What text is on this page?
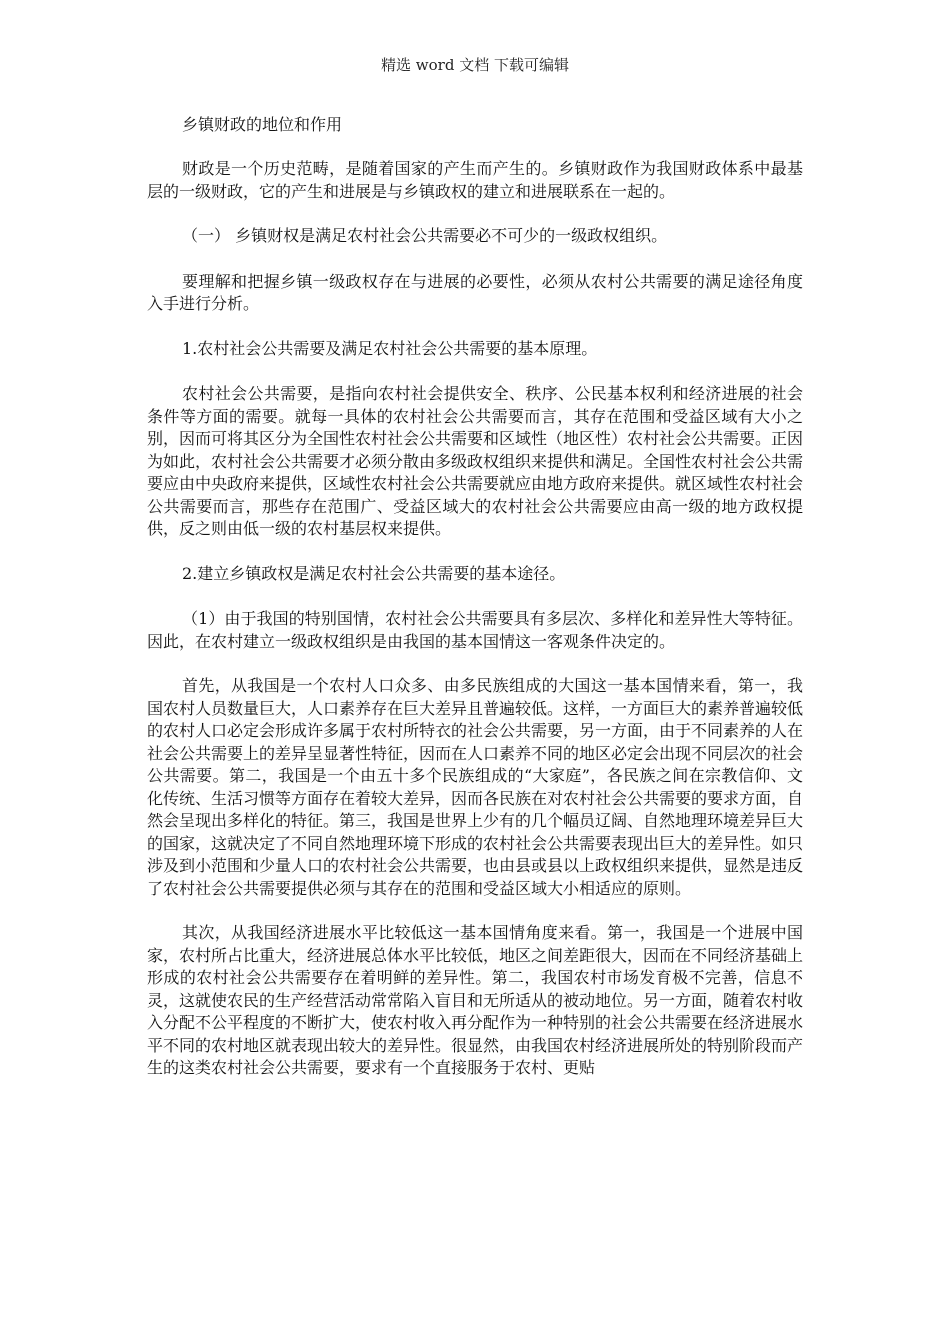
精选 word 文档 下载可编辑
乡镇财政的地位和作用

财政是一个历史范畴，是随着国家的产生而产生的。乡镇财政作为我国财政体系中最基层的一级财政，它的产生和进展是与乡镇政权的建立和进展联系在一起的。

（一） 乡镇财权是满足农村社会公共需要必不可少的一级政权组织。

要理解和把握乡镇一级政权存在与进展的必要性，必须从农村公共需要的满足途径角度入手进行分析。

1.农村社会公共需要及满足农村社会公共需要的基本原理。

农村社会公共需要，是指向农村社会提供安全、秩序、公民基本权利和经济进展的社会条件等方面的需要。就每一具体的农村社会公共需要而言，其存在范围和受益区域有大小之别，因而可将其区分为全国性农村社会公共需要和区域性（地区性）农村社会公共需要。正因为如此，农村社会公共需要才必须分散由多级政权组织来提供和满足。全国性农村社会公共需要应由中央政府来提供，区域性农村社会公共需要就应由地方政府来提供。就区域性农村社会公共需要而言，那些存在范围广、受益区域大的农村社会公共需要应由高一级的地方政权提供，反之则由低一级的农村基层权来提供。

2.建立乡镇政权是满足农村社会公共需要的基本途径。

（1）由于我国的特别国情，农村社会公共需要具有多层次、多样化和差异性大等特征。因此，在农村建立一级政权组织是由我国的基本国情这一客观条件决定的。

首先，从我国是一个农村人口众多、由多民族组成的大国这一基本国情来看，第一，我国农村人员数量巨大，人口素养存在巨大差异且普遍较低。这样，一方面巨大的素养普遍较低的农村人口必定会形成许多属于农村所特衣的社会公共需要，另一方面，由于不同素养的人在社会公共需要上的差异呈显著性特征，因而在人口素养不同的地区必定会出现不同层次的社会公共需要。第二，我国是一个由五十多个民族组成的“大家庭”，各民族之间在宗教信仰、文化传统、生活习惯等方面存在着较大差异，因而各民族在对农村社会公共需要的要求方面，自然会呈现出多样化的特征。第三，我国是世界上少有的几个幅员辽阔、自然地理环境差异巨大的国家，这就决定了不同自然地理环境下形成的农村社会公共需要表现出巨大的差异性。如只涉及到小范围和少量人口的农村社会公共需要，也由县或县以上政权组织来提供，显然是违反了农村社会公共需要提供必须与其存在的范围和受益区域大小相适应的原则。

其次，从我国经济进展水平比较低这一基本国情角度来看。第一，我国是一个进展中国家，农村所占比重大，经济进展总体水平比较低，地区之间差距很大，因而在不同经济基础上形成的农村社会公共需要存在着明鲜的差异性。第二，我国农村市场发育极不完善，信息不灵，这就使农民的生产经营活动常常陷入盲目和无所适从的被动地位。另一方面，随着农村收入分配不公平程度的不断扩大，使农村收入再分配作为一种特别的社会公共需要在经济进展水平不同的农村地区就表现出较大的差异性。很显然，由我国农村经济进展所处的特别阶段而产生的这类农村社会公共需要，要求有一个直接服务于农村、更贴
